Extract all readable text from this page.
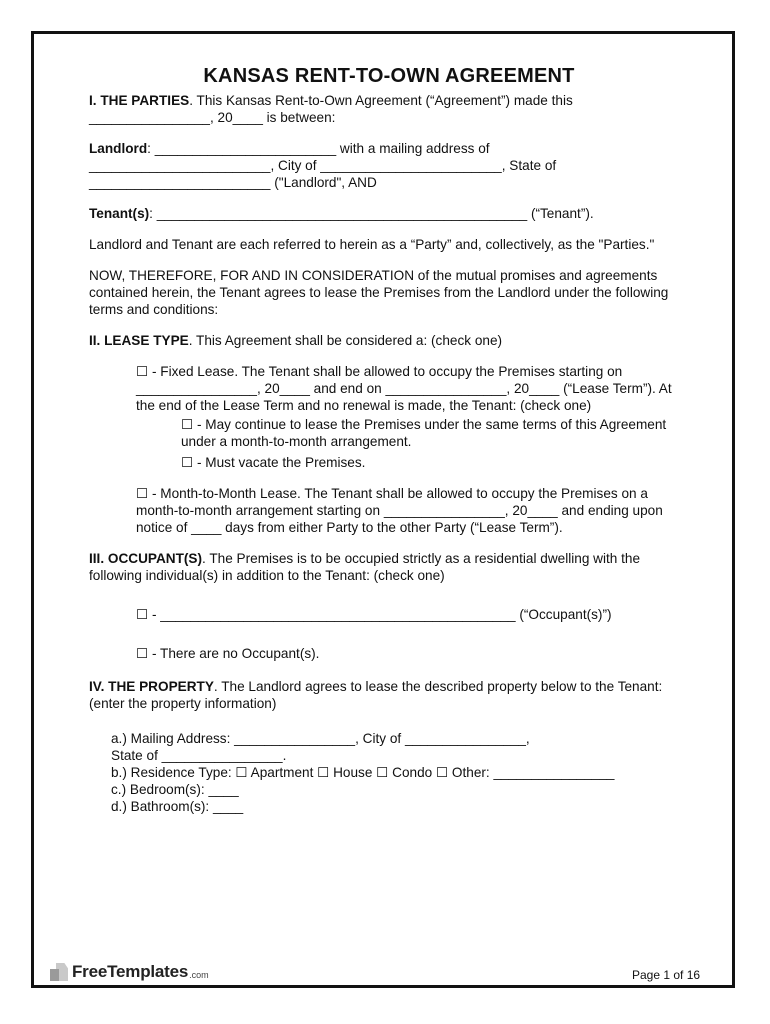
KANSAS RENT-TO-OWN AGREEMENT

I. THE PARTIES. This Kansas Rent-to-Own Agreement (“Agreement”) made this
________________, 20____ is between:

Landlord: ________________________ with a mailing address of
________________________, City of ________________________, State of
________________________ ("Landlord", AND

Tenant(s): _________________________________________________ (“Tenant”).

Landlord and Tenant are each referred to herein as a “Party” and, collectively, as the "Parties."

NOW, THEREFORE, FOR AND IN CONSIDERATION of the mutual promises and agreements contained herein, the Tenant agrees to lease the Premises from the Landlord under the following terms and conditions:

II. LEASE TYPE. This Agreement shall be considered a: (check one)

☐ - Fixed Lease. The Tenant shall be allowed to occupy the Premises starting on ________________, 20____ and end on ________________, 20____ (“Lease Term”). At the end of the Lease Term and no renewal is made, the Tenant: (check one)

☐ - May continue to lease the Premises under the same terms of this Agreement under a month-to-month arrangement.

☐ - Must vacate the Premises.

☐ - Month-to-Month Lease. The Tenant shall be allowed to occupy the Premises on a month-to-month arrangement starting on ________________, 20____ and ending upon notice of ____ days from either Party to the other Party (“Lease Term”).

III. OCCUPANT(S). The Premises is to be occupied strictly as a residential dwelling with the following individual(s) in addition to the Tenant: (check one)

☐ - _______________________________________________ (“Occupant(s)”)

☐ - There are no Occupant(s).

IV. THE PROPERTY. The Landlord agrees to lease the described property below to the Tenant: (enter the property information)

a.) Mailing Address: ________________, City of ________________,

State of ________________.

b.) Residence Type: ☐ Apartment ☐ House ☐ Condo ☐ Other: ________________

c.) Bedroom(s): ____

d.) Bathroom(s): ____

FreeTemplates .com	Page 1 of 16
